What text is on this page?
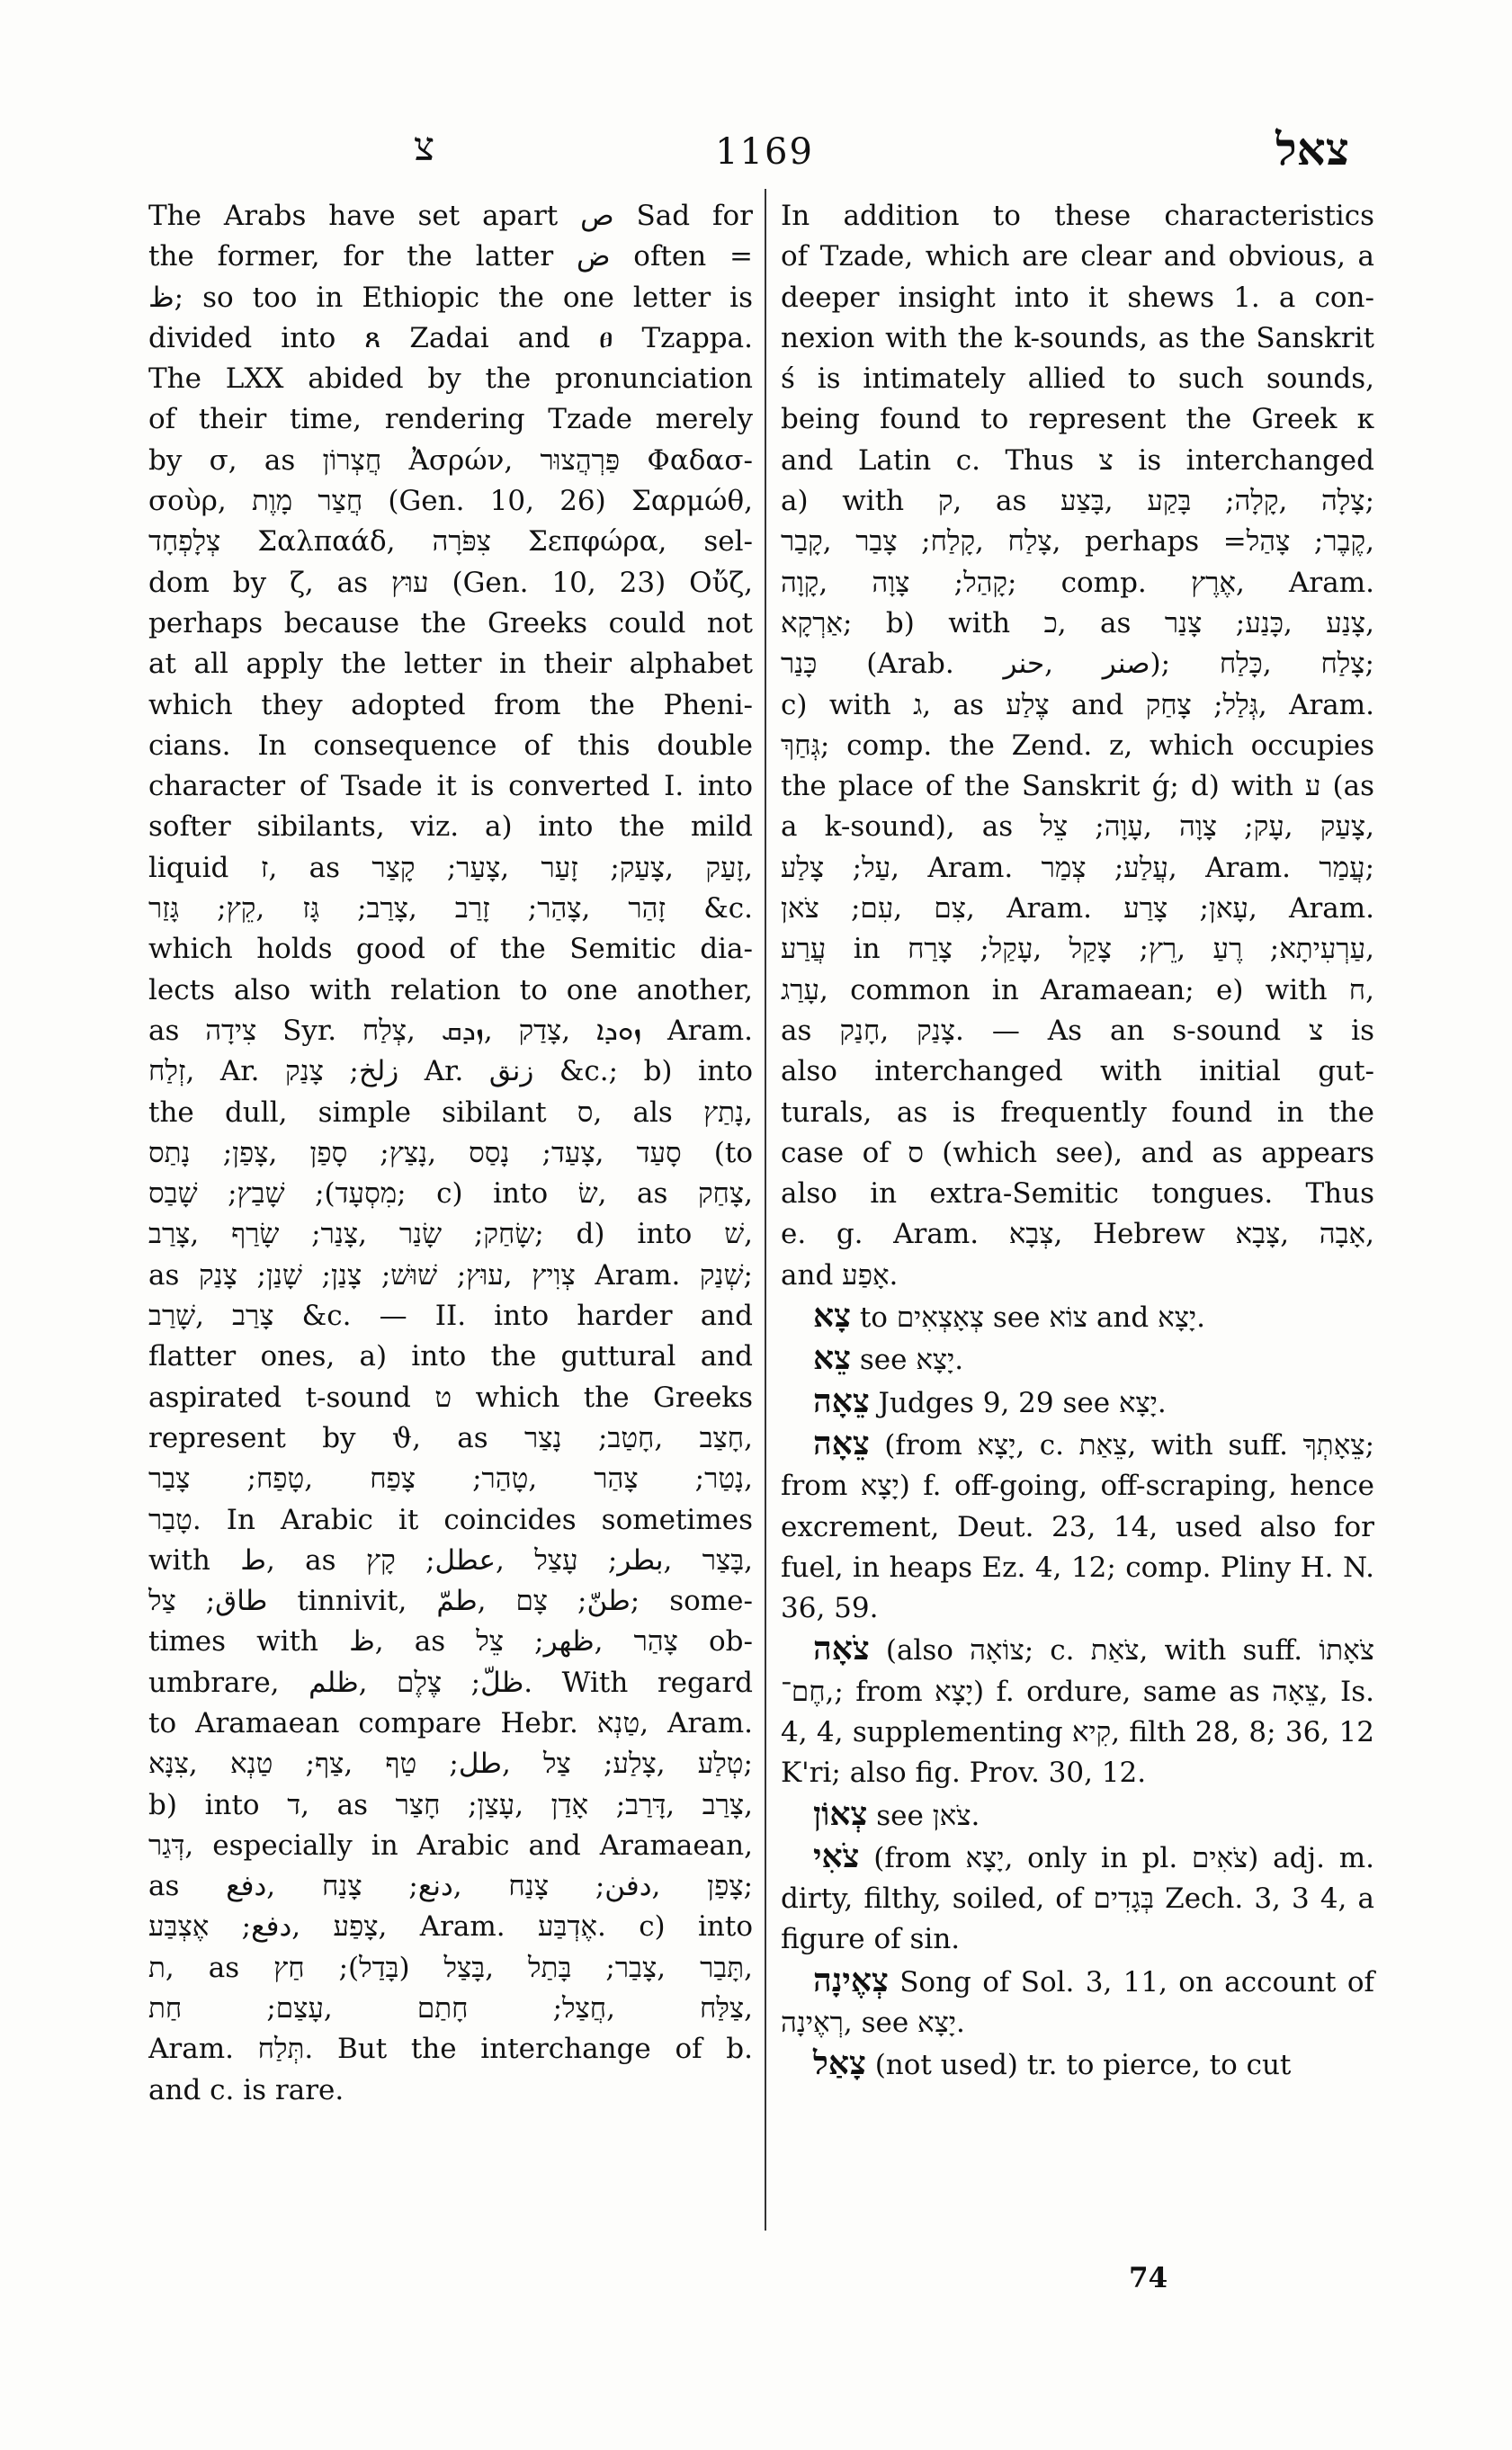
צ	1169	צאל
The Arabs have set apart ص Sad for
the former, for the latter ض often =
ظ; so too in Ethiopic the one letter is
divided into ጸ Zadai and ፀ Tzappa.
The LXX abided by the pronunciation
of their time, rendering Tzade merely
by σ, as חֲצְרוֹן Ἀσρών, פַּרְהֲצוּר Φαδασ-
σοὺρ, חֲצַר מָוֶת (Gen. 10, 26) Σαρμώθ,
צְלָפְחָד Σαλπαάδ, צִפֹּרָה Σεπφώρα, sel-
dom by ζ, as עוּץ (Gen. 10, 23) Οὔζ,
perhaps because the Greeks could not
at all apply the letter in their alphabet
which they adopted from the Pheni-
cians. In consequence of this double
character of Tsade it is converted I. into
softer sibilants, viz. a) into the mild
liquid ז, as זָעַק ,צָעַק; זָעַר ,צָעַר; קָצַר,
זָהַר ,צָהַר; זָרַב ,צָרַב; גָּז ,קֵץ; גָּזַר &c.
which holds good of the Semitic dia-
lects also with relation to one another,
as צִידָה Syr. ܙܘܕܐ ,צָדַק ,ܙܕܩ ,צְלַח Aram.
זְלַח, Ar. زلخ; צָנַק Ar. زنق &c.; b) into
the dull, simple sibilant ס, als נָתַץ,
סָעַד ,צָעַד; נָסַס ,נָצַץ; סָפַן ,צָפַן; נָתַס (to
מִסְעָד); שָׁבַץ; שָׁבַס; c) into שׂ, as צָחַק,
שָׂחַק; שָׂנַר ,צָנַר; שָׂרַף ,צָרַב; d) into שׁ,
as צְוִיץ ,עוּץ; שׁוּשׁ; צָנַן; שָׁנַן; צָנַק Aram. שְׁנַק;
צָרַב ,שָׁרַב &c. — II. into harder and
flatter ones, a) into the guttural and
aspirated t-sound ט which the Greeks
represent by ϑ, as חָצַב ,חָטַב; נָצַר,
נָטַר; צָהַר ,טָהַר; צָפַח ,טָפַח; צָבַר,
טָבַר. In Arabic it coincides sometimes
with ط, as בָּצַר ,بطر; עָצַל ,عطل; קָץ,
طاق; צַל tinnivit, طنّ; צָם ,طمّ; some-
times with ظ, as צָהַר ,ظهر; צֵל ob-
umbrare, ظلّ; צֶלֶם ,ظلم. With regard
to Aramaean compare Hebr. טַנְא, Aram.
טְלַע ,צָלַע; צַל ,طل; טַף ,צַף; טַנְא ,צִנָּא;
b) into ד, as צָרַב ,דָּרַב; אָדַן ,עָצַן; חָצַר,
דְּגַר, especially in Arabic and Aramaean,
as צָפַן ,دفن; צָנַח ,دنع; צָנַח ,دفع;
צָפַע ,دفع; אֶצְבַּע, Aram. אֶדְבַּע. c) into
ת, as תָּבַר ,צָבַר; בָּתַל ,בָּצַל (בָּדַל); חַץ,
צַלַּח ,חֲצַל; חָתַם ,עָצַם; חַת,
Aram. תְּלַח. But the interchange of b.
and c. is rare.
In addition to these characteristics
of Tzade, which are clear and obvious, a
deeper insight into it shews 1. a con-
nexion with the k-sounds, as the Sanskrit
ś is intimately allied to such sounds,
being found to represent the Greek κ
and Latin c. Thus צ is interchanged
a) with ק, as צָלָה ,קָלָה; בָּקַע ,בָּצַע;
צָלַח ,קָלַח; צָבַר ,קָבַר, perhaps =קֶבֶר; צָהַל,
קָהַל; צָוָה ,קָוָה; comp. אֶרֶץ, Aram.
אַרְקָא; b) with כ, as צָנַע ,כָּנַע; צָנַר,
כָּנַר (Arab. صنر ,حنر); צָלַח ,כָּלַח;
c) with ג, as צֶלַע and גְּלַל; צָחַק, Aram.
גְּחַךְ; comp. the Zend. z, which occupies
the place of the Sanskrit ǵ; d) with ע (as
a k-sound), as צָעַק ,עָק; צָוָה ,עָוָה; צֵל,
עַל; צָלַע, Aram. עֲלַע; צְמַר, Aram. עֲמַר;
צִם ,עִם; צֹאן, Aram. עָאן; צָרַע, Aram.
עֲרַע in עַרְעִיתָא; רֶעַ ,רֵץ; צָקַל ,עָקַל; צָרַח,
עָרַג, common in Aramaean; e) with ח,
as צָנַק ,חָנַק. — As an s-sound צ is
also interchanged with initial gut-
turals, as is frequently found in the
case of ס (which see), and as appears
also in extra-Semitic tongues. Thus
e. g. Aram. צְבָא, Hebrew אָבָה ,צָבָא,
and אָפַע.

צָא to צְאָצְאִים see צוֹא and יָצָא.

צֵא see יָצָא.

צֵאָה Judges 9, 29 see יָצָא.

צֵאָה (from יָצָא, c. צֵאַת, with suff. צֵאָתְךָ; from יָצָא) f. off-going, off-scraping, hence excrement, Deut. 23, 14, used also for fuel, in heaps Ez. 4, 12; comp. Pliny H. N. 36, 59.

צֹאָה (also צוֹאָה; c. צֹאַת, with suff. צֹאָתוֹ ,חֶם־; from יָצָא) f. ordure, same as צֵאָה, Is. 4, 4, supplementing קִיא, filth 28, 8; 36, 12 K'ri; also fig. Prov. 30, 12.

צְאוֹן see צֹאן.

צֹאִי (from יָצָא, only in pl. צֹאִים) adj. m. dirty, filthy, soiled, of בְּגָדִים Zech. 3, 3 4, a figure of sin.

צְאֶינָה Song of Sol. 3, 11, on account of רְאֶינָה, see יָצָא.

צָאַל (not used) tr. to pierce, to cut

74
